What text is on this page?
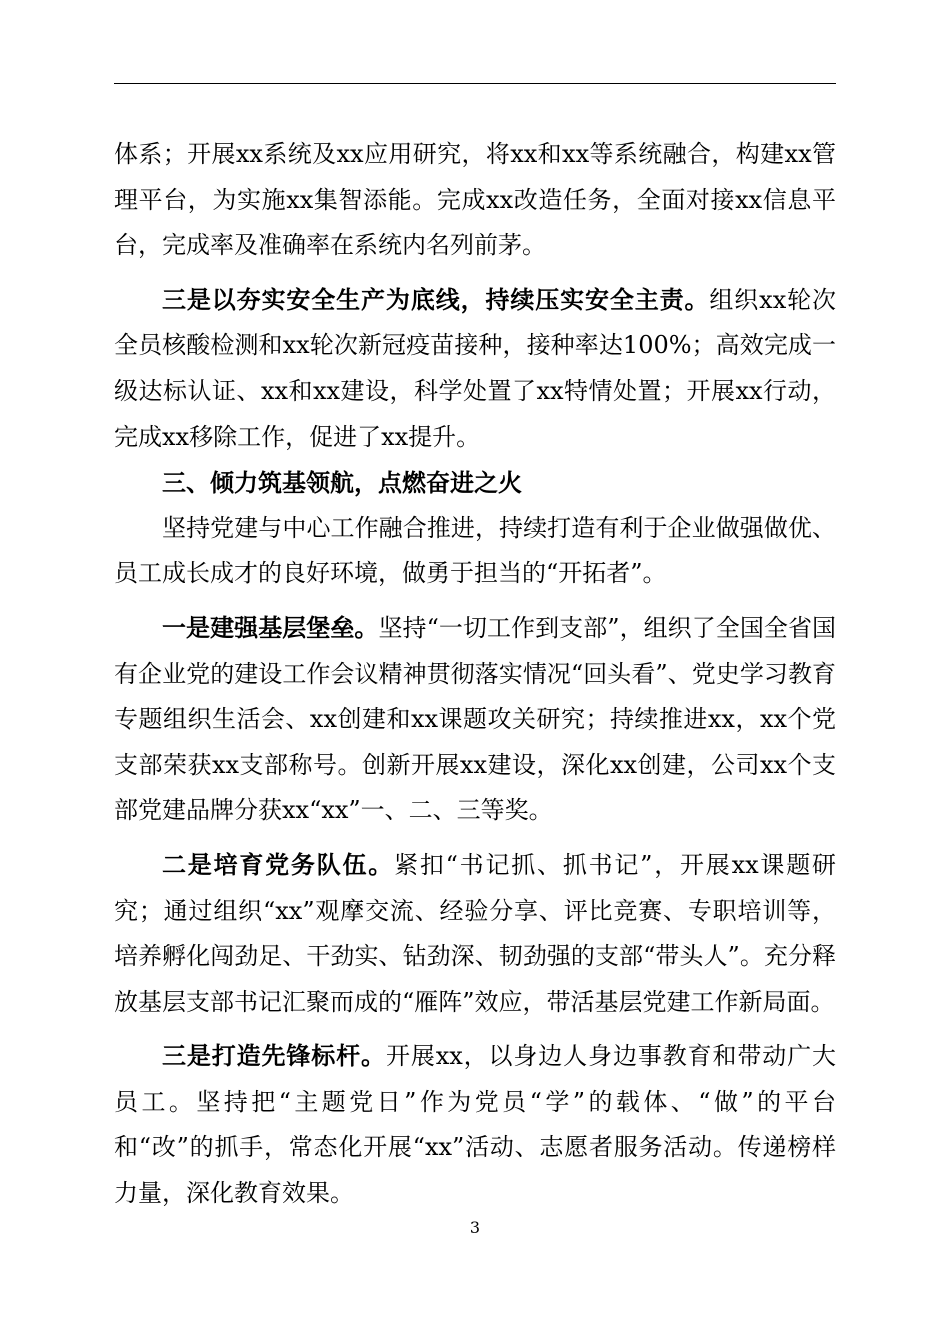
体系；开展xx系统及xx应用研究，将xx和xx等系统融合，构建xx管理平台，为实施xx集智添能。完成xx改造任务，全面对接xx信息平台，完成率及准确率在系统内名列前茅。

三是以夯实安全生产为底线，持续压实安全主责。组织xx轮次全员核酸检测和xx轮次新冠疫苗接种，接种率达100%；高效完成一级达标认证、xx和xx建设，科学处置了xx特情处置；开展xx行动，完成xx移除工作，促进了xx提升。

三、倾力筑基领航，点燃奋进之火

坚持党建与中心工作融合推进，持续打造有利于企业做强做优、员工成长成才的良好环境，做勇于担当的“开拓者”。

一是建强基层堡垒。坚持“一切工作到支部”，组织了全国全省国有企业党的建设工作会议精神贯彻落实情况“回头看”、党史学习教育专题组织生活会、xx创建和xx课题攻关研究；持续推进xx，xx个党支部荣获xx支部称号。创新开展xx建设，深化xx创建，公司xx个支部党建品牌分获xx“xx”一、二、三等奖。

二是培育党务队伍。紧扣“书记抓、抓书记”，开展xx课题研究；通过组织“xx”观摩交流、经验分享、评比竞赛、专职培训等，培养孵化闯劲足、干劲实、钻劲深、韧劲强的支部“带头人”。充分释放基层支部书记汇聚而成的“雁阵”效应，带活基层党建工作新局面。

三是打造先锋标杆。开展xx，以身边人身边事教育和带动广大员工。坚持把“主题党日”作为党员“学”的载体、“做”的平台和“改”的抓手，常态化开展“xx”活动、志愿者服务活动。传递榜样力量，深化教育效果。

3
